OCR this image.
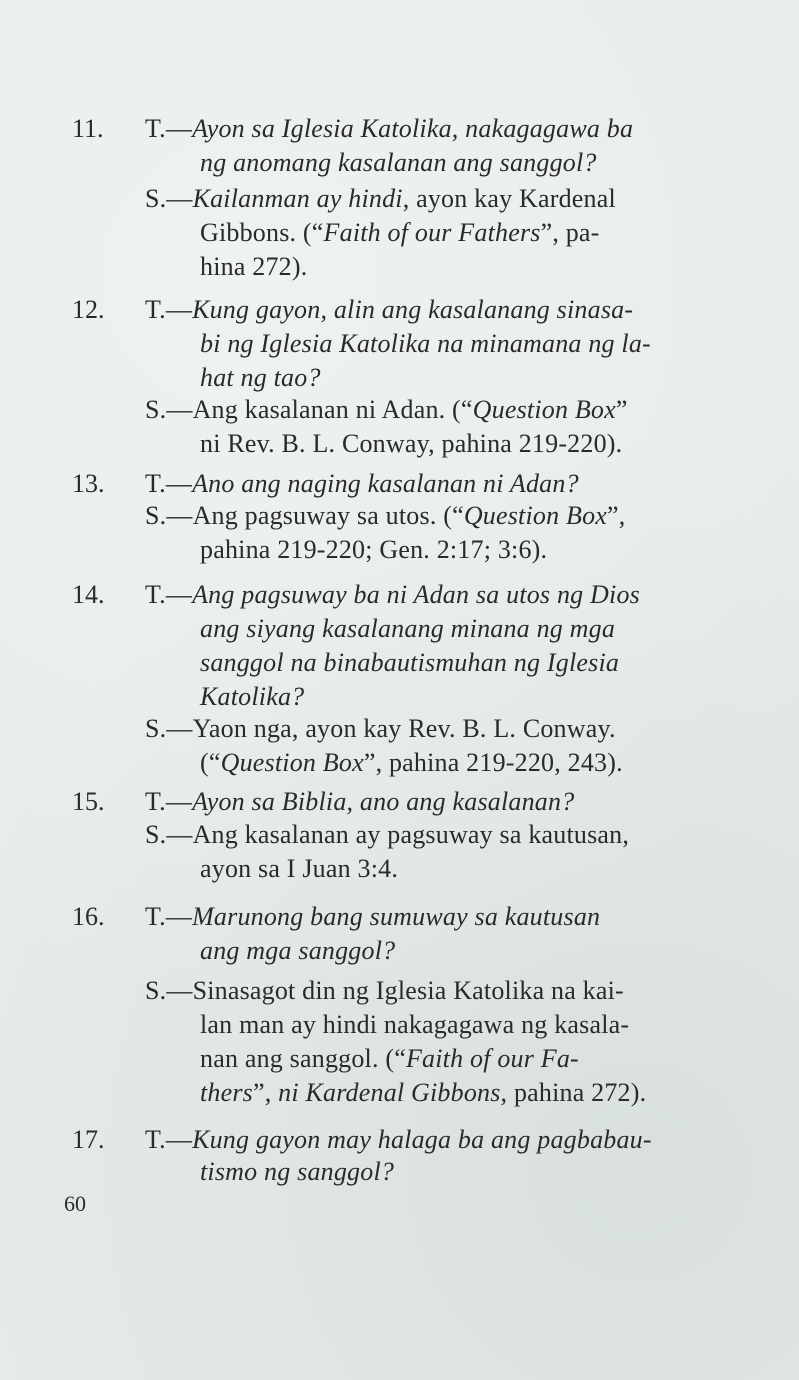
11. T.—Ayon sa Iglesia Katolika, nakagagawa ba
ng anomang kasalanan ang sanggol?
S.—Kailanman ay hindi, ayon kay Kardenal
Gibbons. (“Faith of our Fathers”, pa-
hina 272).
12. T.—Kung gayon, alin ang kasalanang sinasa-
bi ng Iglesia Katolika na minamana ng la-
hat ng tao?
S.—Ang kasalanan ni Adan. (“Question Box”
ni Rev. B. L. Conway, pahina 219-220).
13. T.—Ano ang naging kasalanan ni Adan?
S.—Ang pagsuway sa utos. (“Question Box”,
pahina 219-220; Gen. 2:17; 3:6).
14. T.—Ang pagsuway ba ni Adan sa utos ng Dios
ang siyang kasalanang minana ng mga
sanggol na binabautismuhan ng Iglesia
Katolika?
S.—Yaon nga, ayon kay Rev. B. L. Conway.
(“Question Box”, pahina 219-220, 243).
15. T.—Ayon sa Biblia, ano ang kasalanan?
S.—Ang kasalanan ay pagsuway sa kautusan,
ayon sa I Juan 3:4.
16. T.—Marunong bang sumuway sa kautusan
ang mga sanggol?
S.—Sinasagot din ng Iglesia Katolika na kai-
lan man ay hindi nakagagawa ng kasala-
nan ang sanggol. (“Faith of our Fa-
thers”, ni Kardenal Gibbons, pahina 272).
17. T.—Kung gayon may halaga ba ang pagbabau-
tismo ng sanggol?
60
